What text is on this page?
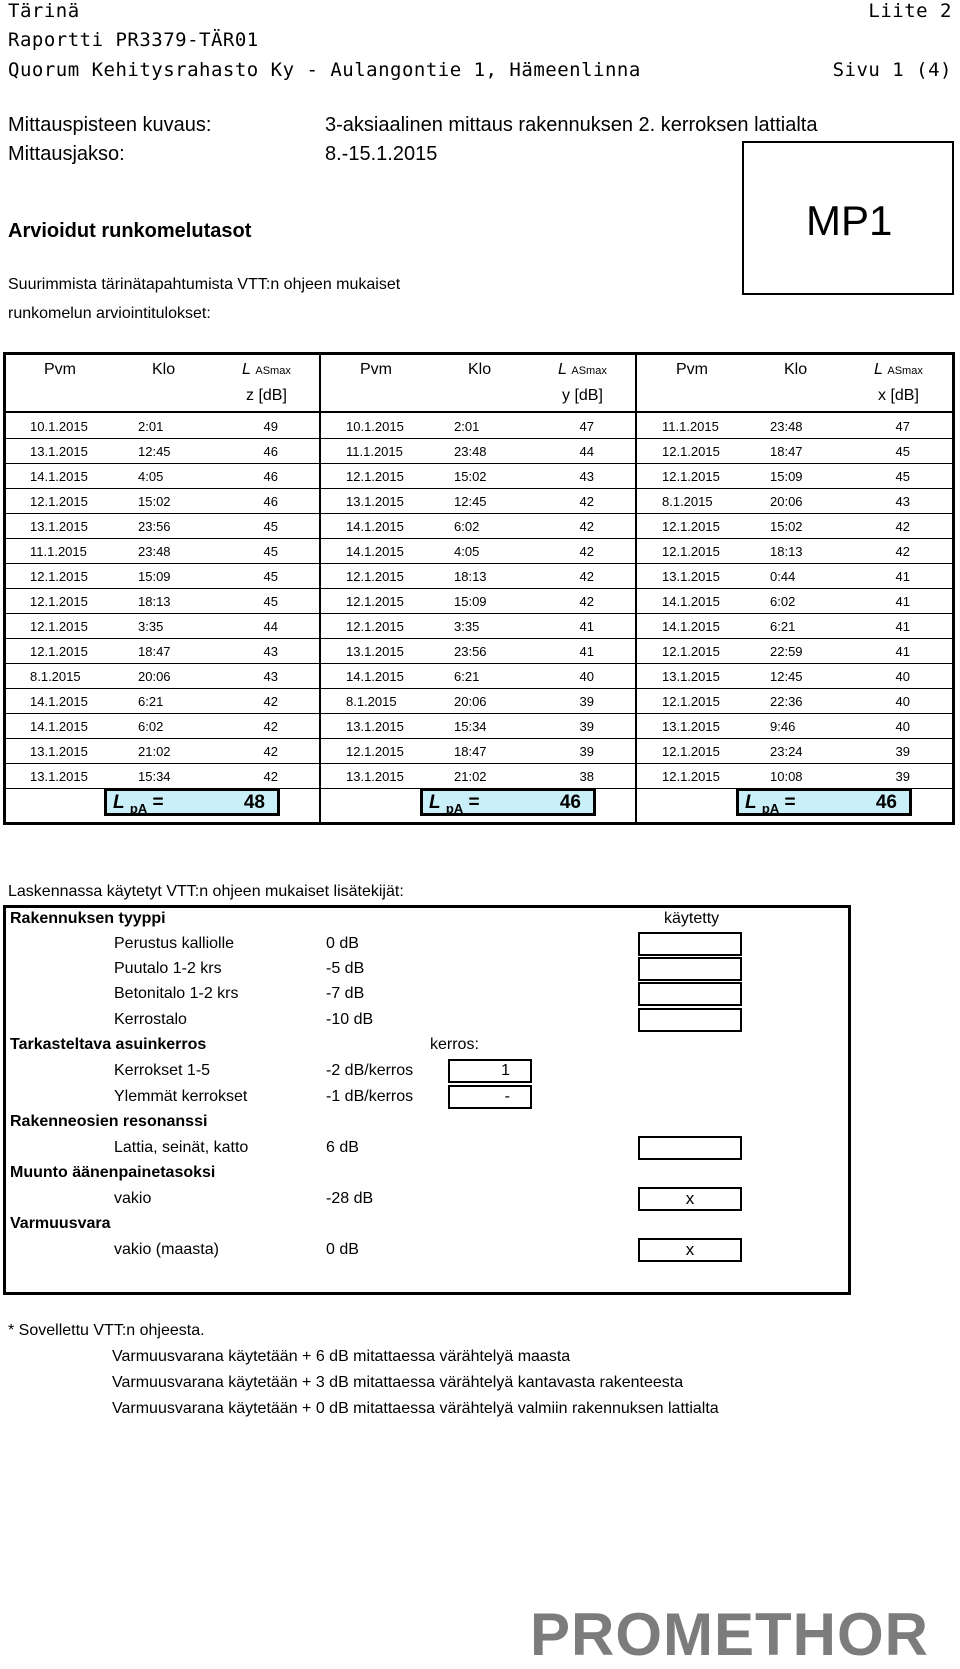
Tärinä	Liite 2
Raportti PR3379-TÄR01
Quorum Kehitysrahasto Ky - Aulangontie 1, Hämeenlinna	Sivu 1 (4)
Mittauspisteen kuvaus:	3-aksiaalinen mittaus rakennuksen 2. kerroksen lattialta
Mittausjakso:	8.-15.1.2015
MP1
Arvioidut runkomelutasot
Suurimmista tärinätapahtumista VTT:n ohjeen mukaiset
runkomelun arviointitulokset:
Pvm	Klo	L ASmax
z [dB]
Pvm	Klo	L ASmax
y [dB]
Pvm	Klo	L ASmax
x [dB]
10.1.2015	2:01	49	10.1.2015	2:01	47	11.1.2015	23:48	47
13.1.2015	12:45	46	11.1.2015	23:48	44	12.1.2015	18:47	45
14.1.2015	4:05	46	12.1.2015	15:02	43	12.1.2015	15:09	45
12.1.2015	15:02	46	13.1.2015	12:45	42	8.1.2015	20:06	43
13.1.2015	23:56	45	14.1.2015	6:02	42	12.1.2015	15:02	42
11.1.2015	23:48	45	14.1.2015	4:05	42	12.1.2015	18:13	42
12.1.2015	15:09	45	12.1.2015	18:13	42	13.1.2015	0:44	41
12.1.2015	18:13	45	12.1.2015	15:09	42	14.1.2015	6:02	41
12.1.2015	3:35	44	12.1.2015	3:35	41	14.1.2015	6:21	41
12.1.2015	18:47	43	13.1.2015	23:56	41	12.1.2015	22:59	41
8.1.2015	20:06	43	14.1.2015	6:21	40	13.1.2015	12:45	40
14.1.2015	6:21	42	8.1.2015	20:06	39	12.1.2015	22:36	40
14.1.2015	6:02	42	13.1.2015	15:34	39	13.1.2015	9:46	40
13.1.2015	21:02	42	12.1.2015	18:47	39	12.1.2015	23:24	39
13.1.2015	15:34	42	13.1.2015	21:02	38	12.1.2015	10:08	39
L $_{pA}$ =	48	L $_{pA}$ =	46	L $_{pA}$ =	46
Laskennassa käytetyt VTT:n ohjeen mukaiset lisätekijät:
Rakennuksen tyyppi	käytetty
Perustus kalliolle	0 dB
Puutalo 1-2 krs	-5 dB
Betonitalo 1-2 krs	-7 dB
Kerrostalo	-10 dB
Tarkasteltava asuinkerros	kerros:
Kerrokset 1-5	-2 dB/kerros	1
Ylemmät kerrokset	-1 dB/kerros	-
Rakenneosien resonanssi
Lattia, seinät, katto	6 dB
Muunto äänenpainetasoksi
vakio	-28 dB	x
Varmuusvara
vakio (maasta)	0 dB	x
* Sovellettu VTT:n ohjeesta.
Varmuusvarana käytetään + 6 dB mitattaessa värähtelyä maasta
Varmuusvarana käytetään + 3 dB mitattaessa värähtelyä kantavasta rakenteesta
Varmuusvarana käytetään + 0 dB mitattaessa värähtelyä valmiin rakennuksen lattialta
PROMETHOR
